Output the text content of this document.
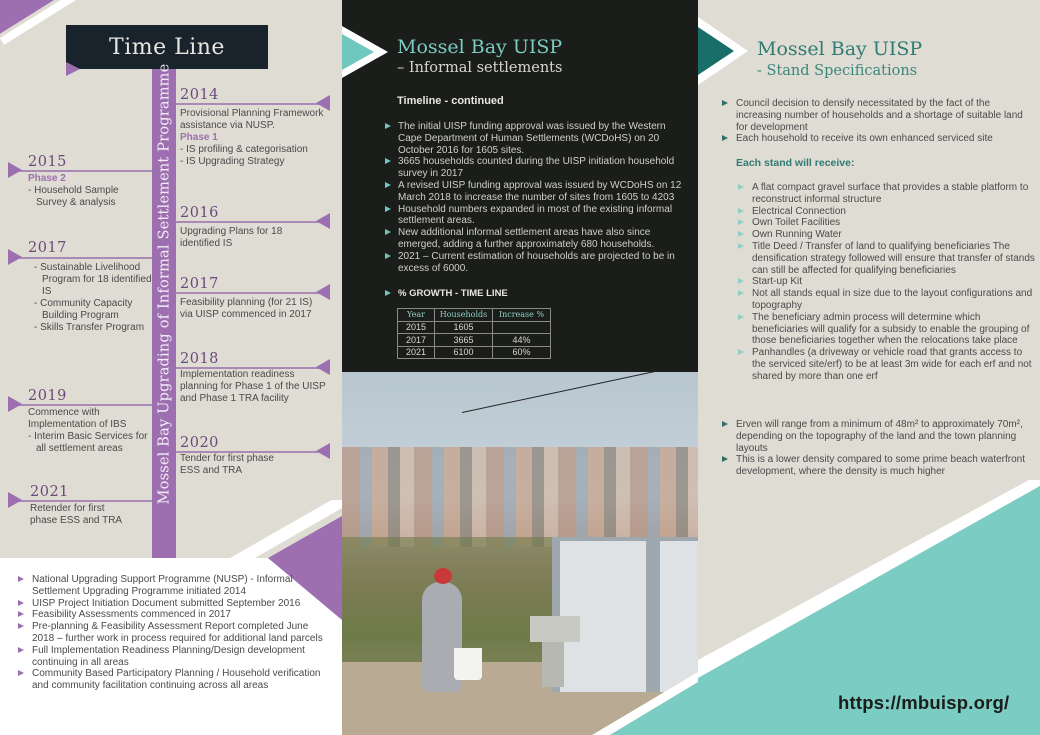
Time Line
Mossel Bay Upgrading of Informal Settlement Programme 2014
Provisional Planning Framework
assistance via NUSP.
Phase 1
- IS profiling & categorisation
- IS Upgrading Strategy
2016
Upgrading Plans for 18
identified IS
2017
Feasibility planning (for 21 IS)
via UISP commenced in 2017
2018
Implementation readiness
planning for Phase 1 of the UISP
and Phase 1 TRA facility
2020
Tender for first phase
ESS and TRA
2015
Phase 2
- Household Sample
Survey & analysis
2017
- Sustainable Livelihood Program for 18 identified IS
- Community Capacity Building Program
- Skills Transfer Program
2019
Commence with
Implementation of IBS
- Interim Basic Services for all settlement areas
2021
Retender for first
phase ESS and TRA
National Upgrading Support Programme (NUSP) - Informal Settlement Upgrading Programme initiated 2014
UISP Project Initiation Document submitted September 2016
Feasibility Assessments commenced in 2017
Pre-planning & Feasibility Assessment Report completed June 2018 – further work in process required for additional land parcels
Full Implementation Readiness Planning/Design development continuing in all areas
Community Based Participatory Planning / Household verification and community facilitation continuing across all areas
Mossel Bay UISP
– Informal settlements
Timeline - continued
The initial UISP funding approval was issued by the Western Cape Department of Human Settlements (WCDoHS) on 20 October 2016 for 1605 sites.
3665 households counted during the UISP initiation household survey in 2017
A revised UISP funding approval was issued by WCDoHS on 12 March 2018 to increase the number of sites from 1605 to 4203
Household numbers expanded in most of the existing informal settlement areas.
New additional informal settlement areas have also since emerged, adding a further approximately 680 households.
2021 – Current estimation of households are projected to be in excess of 6000.
% GROWTH - TIME LINE
Year	Households	Increase %
2015	1605	
2017	3665	44%
2021	6100	60%
Mossel Bay UISP
- Stand Specifications
Council decision to densify necessitated by the fact of the increasing number of households and a shortage of suitable land for development
Each household to receive its own enhanced serviced site
Each stand will receive:
A flat compact gravel surface that provides a stable platform to reconstruct informal structure
Electrical Connection
Own Toilet Facilities
Own Running Water
Title Deed / Transfer of land to qualifying beneficiaries The densification strategy followed will ensure that transfer of stands can still be affected for qualifying beneficiaries
Start-up Kit
Not all stands equal in size due to the layout configurations and topography
The beneficiary admin process will determine which beneficiaries will qualify for a subsidy to enable the grouping of those beneficiaries together when the relocations take place
Panhandles (a driveway or vehicle road that grants access to the serviced site/erf) to be at least 3m wide for each erf and not shared by more than one erf
Erven will range from a minimum of 48m² to approximately 70m², depending on the topography of the land and the town planning layouts
This is a lower density compared to some prime beach waterfront development, where the density is much higher
https://mbuisp.org/
